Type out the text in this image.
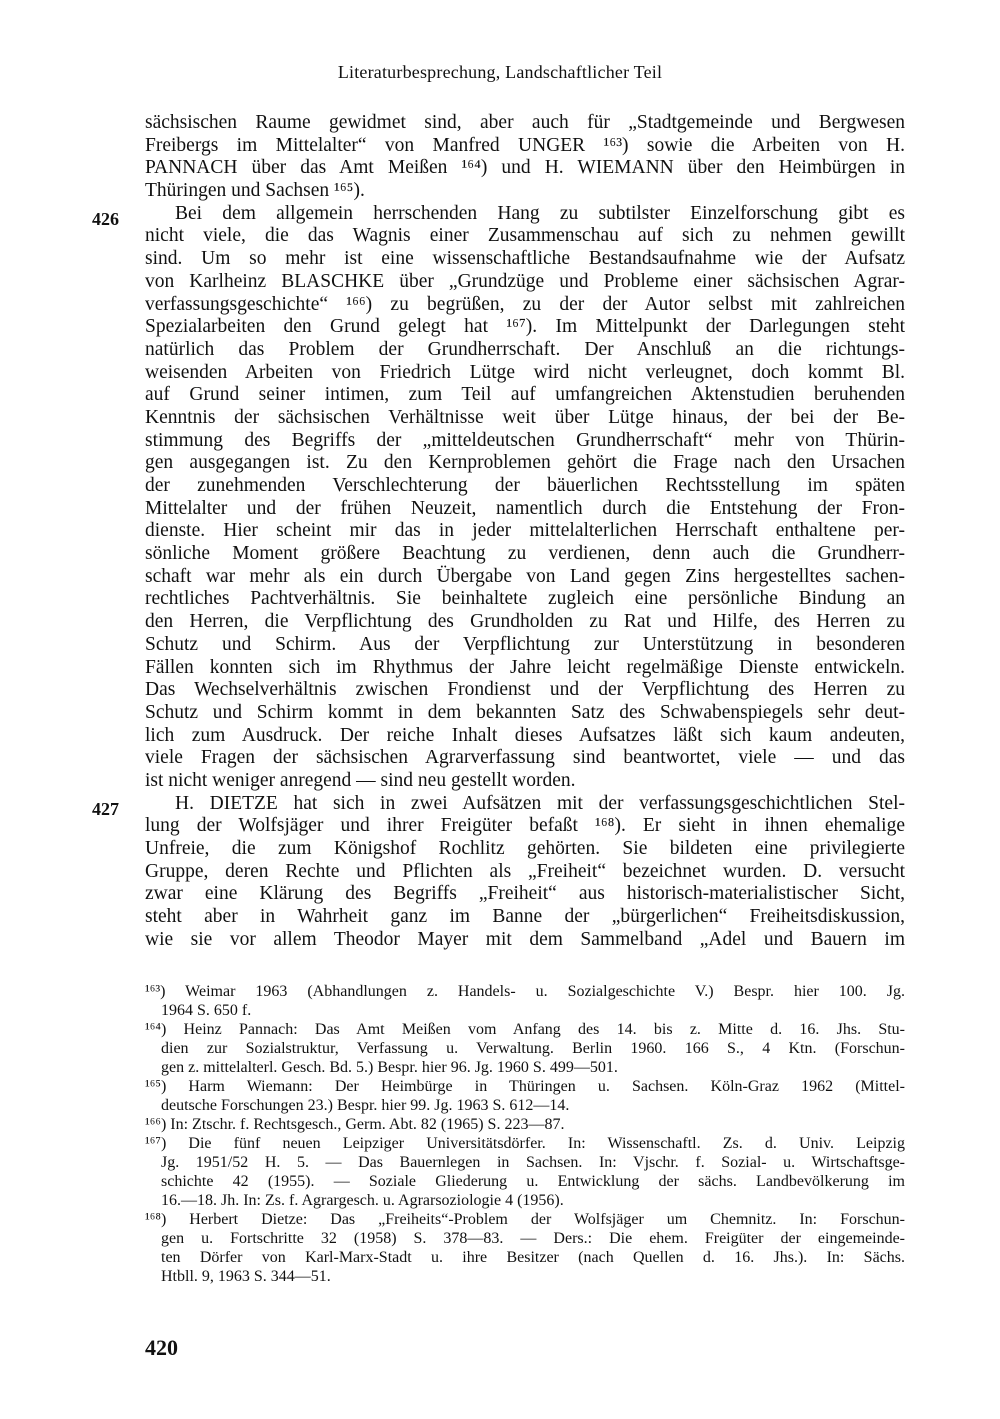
Literaturbesprechung, Landschaftlicher Teil
426
427
sächsischen Raume gewidmet sind, aber auch für „Stadtgemeinde und Bergwesen
Freibergs im Mittelalter“ von Manfred UNGER ¹⁶³) sowie die Arbeiten von H.
PANNACH über das Amt Meißen ¹⁶⁴) und H. WIEMANN über den Heimbürgen in
Thüringen und Sachsen ¹⁶⁵).
Bei dem allgemein herrschenden Hang zu subtilster Einzelforschung gibt es
nicht viele, die das Wagnis einer Zusammenschau auf sich zu nehmen gewillt
sind. Um so mehr ist eine wissenschaftliche Bestandsaufnahme wie der Aufsatz
von Karlheinz BLASCHKE über „Grundzüge und Probleme einer sächsischen Agrar-
verfassungsgeschichte“ ¹⁶⁶) zu begrüßen, zu der der Autor selbst mit zahlreichen
Spezialarbeiten den Grund gelegt hat ¹⁶⁷). Im Mittelpunkt der Darlegungen steht
natürlich das Problem der Grundherrschaft. Der Anschluß an die richtungs-
weisenden Arbeiten von Friedrich Lütge wird nicht verleugnet, doch kommt Bl.
auf Grund seiner intimen, zum Teil auf umfangreichen Aktenstudien beruhenden
Kenntnis der sächsischen Verhältnisse weit über Lütge hinaus, der bei der Be-
stimmung des Begriffs der „mitteldeutschen Grundherrschaft“ mehr von Thürin-
gen ausgegangen ist. Zu den Kernproblemen gehört die Frage nach den Ursachen
der zunehmenden Verschlechterung der bäuerlichen Rechtsstellung im späten
Mittelalter und der frühen Neuzeit, namentlich durch die Entstehung der Fron-
dienste. Hier scheint mir das in jeder mittelalterlichen Herrschaft enthaltene per-
sönliche Moment größere Beachtung zu verdienen, denn auch die Grundherr-
schaft war mehr als ein durch Übergabe von Land gegen Zins hergestelltes sachen-
rechtliches Pachtverhältnis. Sie beinhaltete zugleich eine persönliche Bindung an
den Herren, die Verpflichtung des Grundholden zu Rat und Hilfe, des Herren zu
Schutz und Schirm. Aus der Verpflichtung zur Unterstützung in besonderen
Fällen konnten sich im Rhythmus der Jahre leicht regelmäßige Dienste entwickeln.
Das Wechselverhältnis zwischen Frondienst und der Verpflichtung des Herren zu
Schutz und Schirm kommt in dem bekannten Satz des Schwabenspiegels sehr deut-
lich zum Ausdruck. Der reiche Inhalt dieses Aufsatzes läßt sich kaum andeuten,
viele Fragen der sächsischen Agrarverfassung sind beantwortet, viele — und das
ist nicht weniger anregend — sind neu gestellt worden.
H. DIETZE hat sich in zwei Aufsätzen mit der verfassungsgeschichtlichen Stel-
lung der Wolfsjäger und ihrer Freigüter befaßt ¹⁶⁸). Er sieht in ihnen ehemalige
Unfreie, die zum Königshof Rochlitz gehörten. Sie bildeten eine privilegierte
Gruppe, deren Rechte und Pflichten als „Freiheit“ bezeichnet wurden. D. versucht
zwar eine Klärung des Begriffs „Freiheit“ aus historisch-materialistischer Sicht,
steht aber in Wahrheit ganz im Banne der „bürgerlichen“ Freiheitsdiskussion,
wie sie vor allem Theodor Mayer mit dem Sammelband „Adel und Bauern im
¹⁶³) Weimar 1963 (Abhandlungen z. Handels- u. Sozialgeschichte V.) Bespr. hier 100. Jg.
1964 S. 650 f.
¹⁶⁴) Heinz Pannach: Das Amt Meißen vom Anfang des 14. bis z. Mitte d. 16. Jhs. Stu-
dien zur Sozialstruktur, Verfassung u. Verwaltung. Berlin 1960. 166 S., 4 Ktn. (Forschun-
gen z. mittelalterl. Gesch. Bd. 5.) Bespr. hier 96. Jg. 1960 S. 499—501.
¹⁶⁵) Harm Wiemann: Der Heimbürge in Thüringen u. Sachsen. Köln-Graz 1962 (Mittel-
deutsche Forschungen 23.) Bespr. hier 99. Jg. 1963 S. 612—14.
¹⁶⁶) In: Ztschr. f. Rechtsgesch., Germ. Abt. 82 (1965) S. 223—87.
¹⁶⁷) Die fünf neuen Leipziger Universitätsdörfer. In: Wissenschaftl. Zs. d. Univ. Leipzig
Jg. 1951/52 H. 5. — Das Bauernlegen in Sachsen. In: Vjschr. f. Sozial- u. Wirtschaftsge-
schichte 42 (1955). — Soziale Gliederung u. Entwicklung der sächs. Landbevölkerung im
16.—18. Jh. In: Zs. f. Agrargesch. u. Agrarsoziologie 4 (1956).
¹⁶⁸) Herbert Dietze: Das „Freiheits“-Problem der Wolfsjäger um Chemnitz. In: Forschun-
gen u. Fortschritte 32 (1958) S. 378—83. — Ders.: Die ehem. Freigüter der eingemeinde-
ten Dörfer von Karl-Marx-Stadt u. ihre Besitzer (nach Quellen d. 16. Jhs.). In: Sächs.
Htbll. 9, 1963 S. 344—51.
420
